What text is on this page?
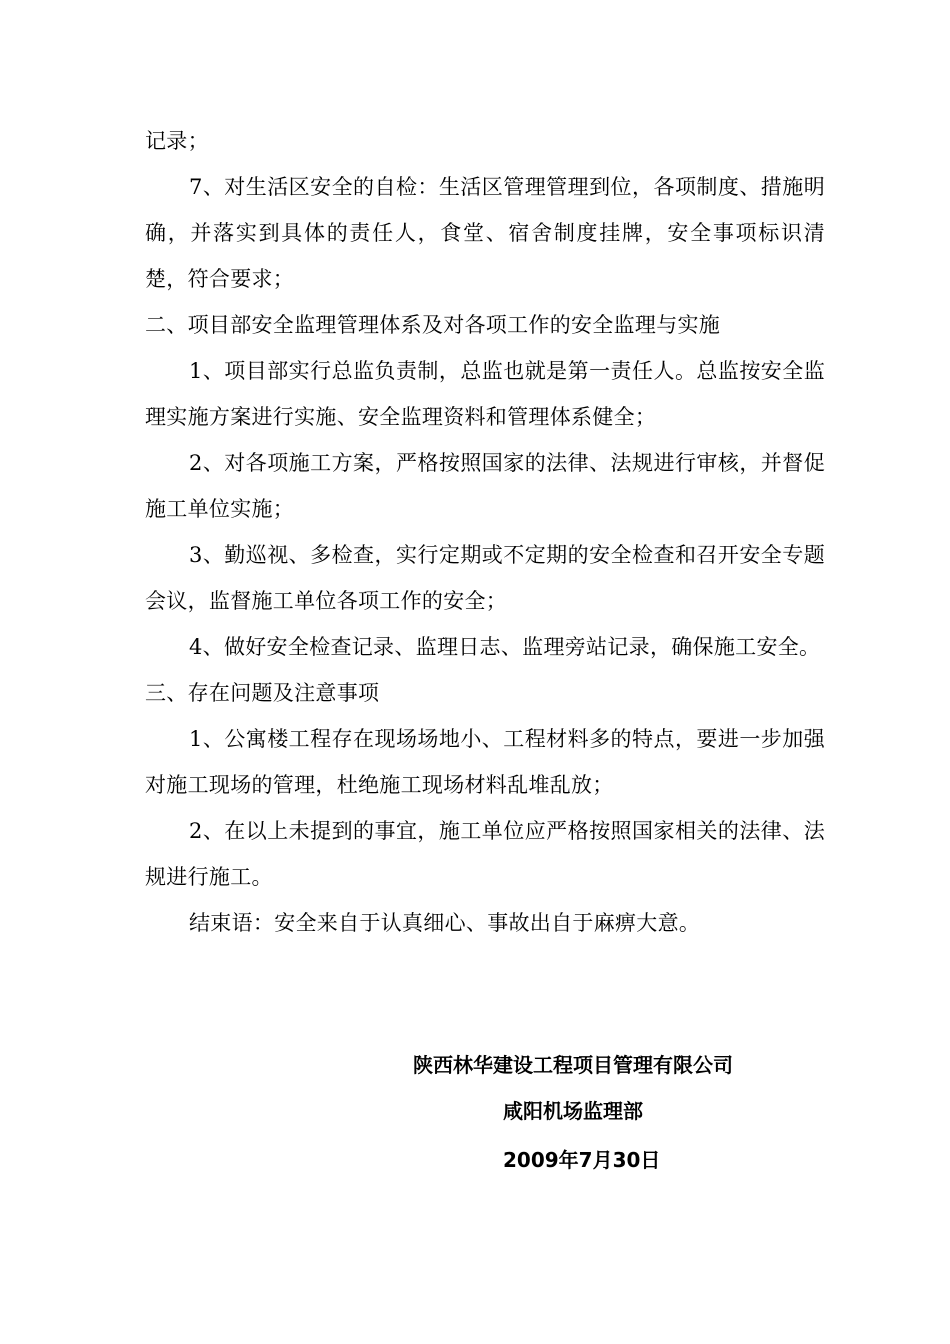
记录；

7、对生活区安全的自检：生活区管理管理到位，各项制度、措施明确，并落实到具体的责任人，食堂、宿舍制度挂牌，安全事项标识清楚，符合要求；

二、项目部安全监理管理体系及对各项工作的安全监理与实施

1、项目部实行总监负责制，总监也就是第一责任人。总监按安全监理实施方案进行实施、安全监理资料和管理体系健全；

2、对各项施工方案，严格按照国家的法律、法规进行审核，并督促施工单位实施；

3、勤巡视、多检查，实行定期或不定期的安全检查和召开安全专题会议，监督施工单位各项工作的安全；

4、做好安全检查记录、监理日志、监理旁站记录，确保施工安全。

三、存在问题及注意事项

1、公寓楼工程存在现场场地小、工程材料多的特点，要进一步加强对施工现场的管理，杜绝施工现场材料乱堆乱放；

2、在以上未提到的事宜，施工单位应严格按照国家相关的法律、法规进行施工。

结束语：安全来自于认真细心、事故出自于麻痹大意。

陕西林华建设工程项目管理有限公司
咸阳机场监理部
2009年7月30日
